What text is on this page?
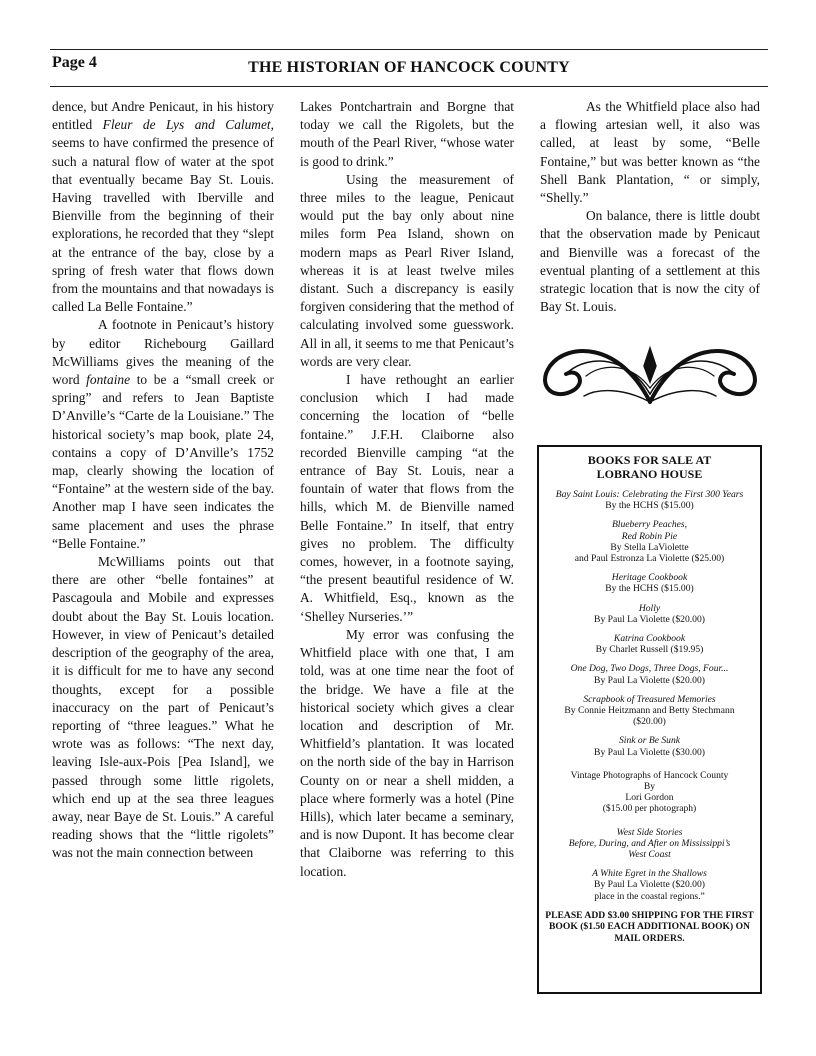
Page 4	THE HISTORIAN OF HANCOCK COUNTY

dence, but Andre Penicaut, in his history entitled Fleur de Lys and Calumet, seems to have confirmed the presence of such a natural flow of water at the spot that eventually became Bay St. Louis. Having travelled with Iberville and Bienville from the beginning of their explorations, he recorded that they “slept at the entrance of the bay, close by a spring of fresh water that flows down from the mountains and that nowadays is called La Belle Fontaine.”

A footnote in Penicaut’s history by editor Richebourg Gaillard McWilliams gives the meaning of the word fontaine to be a “small creek or spring” and refers to Jean Baptiste D’Anville’s “Carte de la Louisiane.” The historical society’s map book, plate 24, contains a copy of D’Anville’s 1752 map, clearly showing the location of “Fontaine” at the western side of the bay. Another map I have seen indicates the same placement and uses the phrase “Belle Fontaine.”

McWilliams points out that there are other “belle fontaines” at Pascagoula and Mobile and expresses doubt about the Bay St. Louis location. However, in view of Penicaut’s detailed description of the geography of the area, it is difficult for me to have any second thoughts, except for a possible inaccuracy on the part of Penicaut’s reporting of “three leagues.” What he wrote was as follows: “The next day, leaving Isle-aux-Pois [Pea Island], we passed through some little rigolets, which end up at the sea three leagues away, near Baye de St. Louis.” A careful reading shows that the “little rigolets” was not the main connection between

Lakes Pontchartrain and Borgne that today we call the Rigolets, but the mouth of the Pearl River, “whose water is good to drink.”

Using the measurement of three miles to the league, Penicaut would put the bay only about nine miles form Pea Island, shown on modern maps as Pearl River Island, whereas it is at least twelve miles distant. Such a discrepancy is easily forgiven considering that the method of calculating involved some guesswork. All in all, it seems to me that Penicaut’s words are very clear.

I have rethought an earlier conclusion which I had made concerning the location of “belle fontaine.” J.F.H. Claiborne also recorded Bienville camping “at the entrance of Bay St. Louis, near a fountain of water that flows from the hills, which M. de Bienville named Belle Fontaine.” In itself, that entry gives no problem. The difficulty comes, however, in a footnote saying, “the present beautiful residence of W. A. Whitfield, Esq., known as the ‘Shelley Nurseries.’”

My error was confusing the Whitfield place with one that, I am told, was at one time near the foot of the bridge. We have a file at the historical society which gives a clear location and description of Mr. Whitfield’s plantation. It was located on the north side of the bay in Harrison County on or near a shell midden, a place where formerly was a hotel (Pine Hills), which later became a seminary, and is now Dupont. It has become clear that Claiborne was referring to this location.

As the Whitfield place also had a flowing artesian well, it also was called, at least by some, “Belle Fontaine,” but was better known as “the Shell Bank Plantation, “ or simply, “Shelly.”

On balance, there is little doubt that the observation made by Penicaut and Bienville was a forecast of the eventual planting of a settlement at this strategic location that is now the city of Bay St. Louis.

BOOKS FOR SALE AT
LOBRANO HOUSE
Bay Saint Louis: Celebrating the First 300 Years
By the HCHS ($15.00)
Blueberry Peaches,
Red Robin Pie
By Stella LaViolette
and Paul Estronza La Violette ($25.00)
Heritage Cookbook
By the HCHS ($15.00)
Holly
By Paul La Violette ($20.00)
Katrina Cookbook
By Charlet Russell ($19.95)
One Dog, Two Dogs, Three Dogs, Four...
By Paul La Violette ($20.00)
Scrapbook of Treasured Memories
By Connie Heitzmann and Betty Stechmann
($20.00)
Sink or Be Sunk
By Paul La Violette ($30.00)
Vintage Photographs of Hancock County
By
Lori Gordon
($15.00 per photograph)
West Side Stories
Before, During, and After on Mississippi’s
West Coast
A White Egret in the Shallows
By Paul La Violette ($20.00)
place in the coastal regions.”
PLEASE ADD $3.00 SHIPPING FOR THE FIRST BOOK ($1.50 EACH ADDITIONAL BOOK) ON MAIL ORDERS.
